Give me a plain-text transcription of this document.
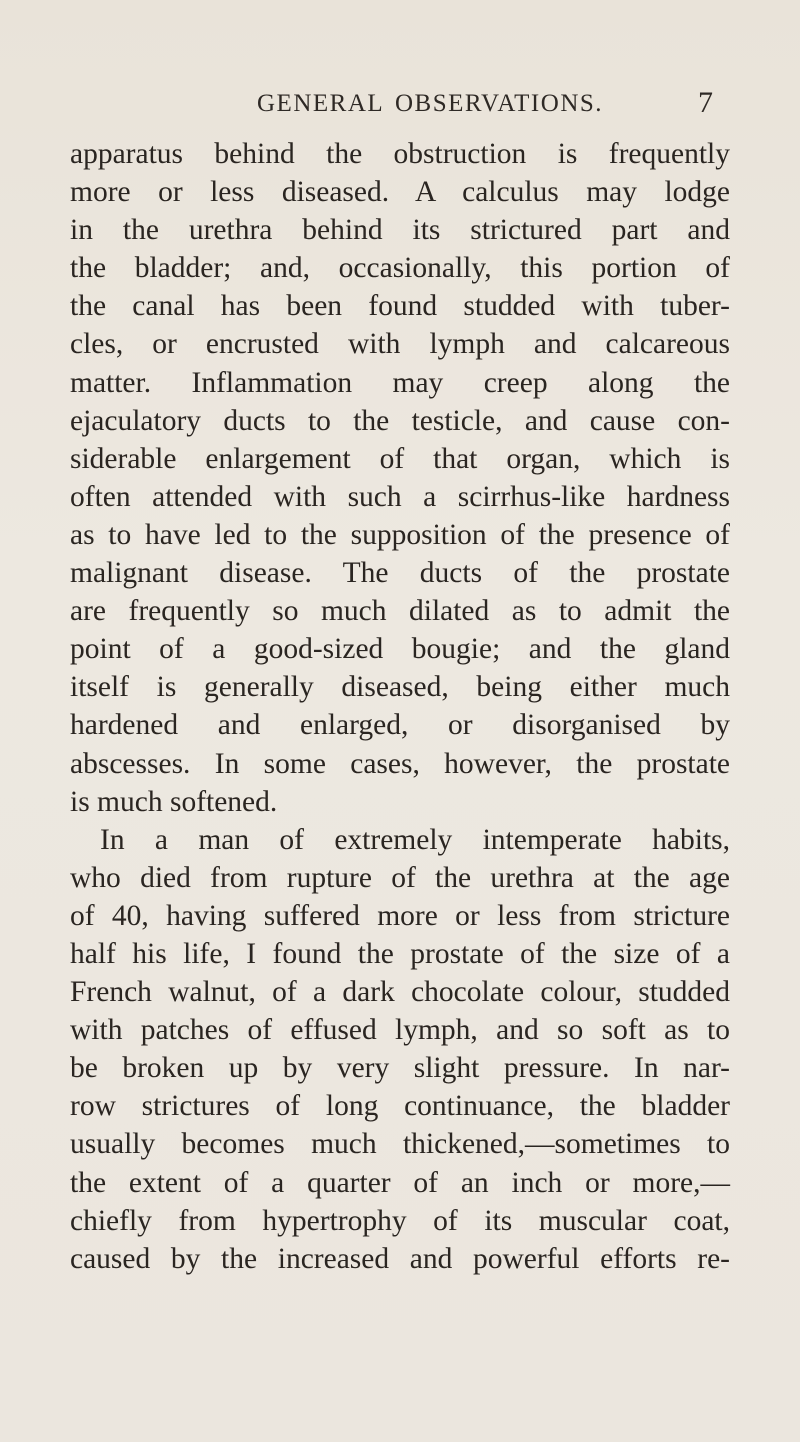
GENERAL OBSERVATIONS.	7
apparatus behind the obstruction is frequently
more or less diseased. A calculus may lodge
in the urethra behind its strictured part and
the bladder; and, occasionally, this portion of
the canal has been found studded with tuber-
cles, or encrusted with lymph and calcareous
matter. Inflammation may creep along the
ejaculatory ducts to the testicle, and cause con-
siderable enlargement of that organ, which is
often attended with such a scirrhus-like hardness
as to have led to the supposition of the presence of
malignant disease. The ducts of the prostate
are frequently so much dilated as to admit the
point of a good-sized bougie; and the gland
itself is generally diseased, being either much
hardened and enlarged, or disorganised by
abscesses. In some cases, however, the prostate
is much softened.
In a man of extremely intemperate habits,
who died from rupture of the urethra at the age
of 40, having suffered more or less from stricture
half his life, I found the prostate of the size of a
French walnut, of a dark chocolate colour, studded
with patches of effused lymph, and so soft as to
be broken up by very slight pressure. In nar-
row strictures of long continuance, the bladder
usually becomes much thickened,—sometimes to
the extent of a quarter of an inch or more,—
chiefly from hypertrophy of its muscular coat,
caused by the increased and powerful efforts re-
